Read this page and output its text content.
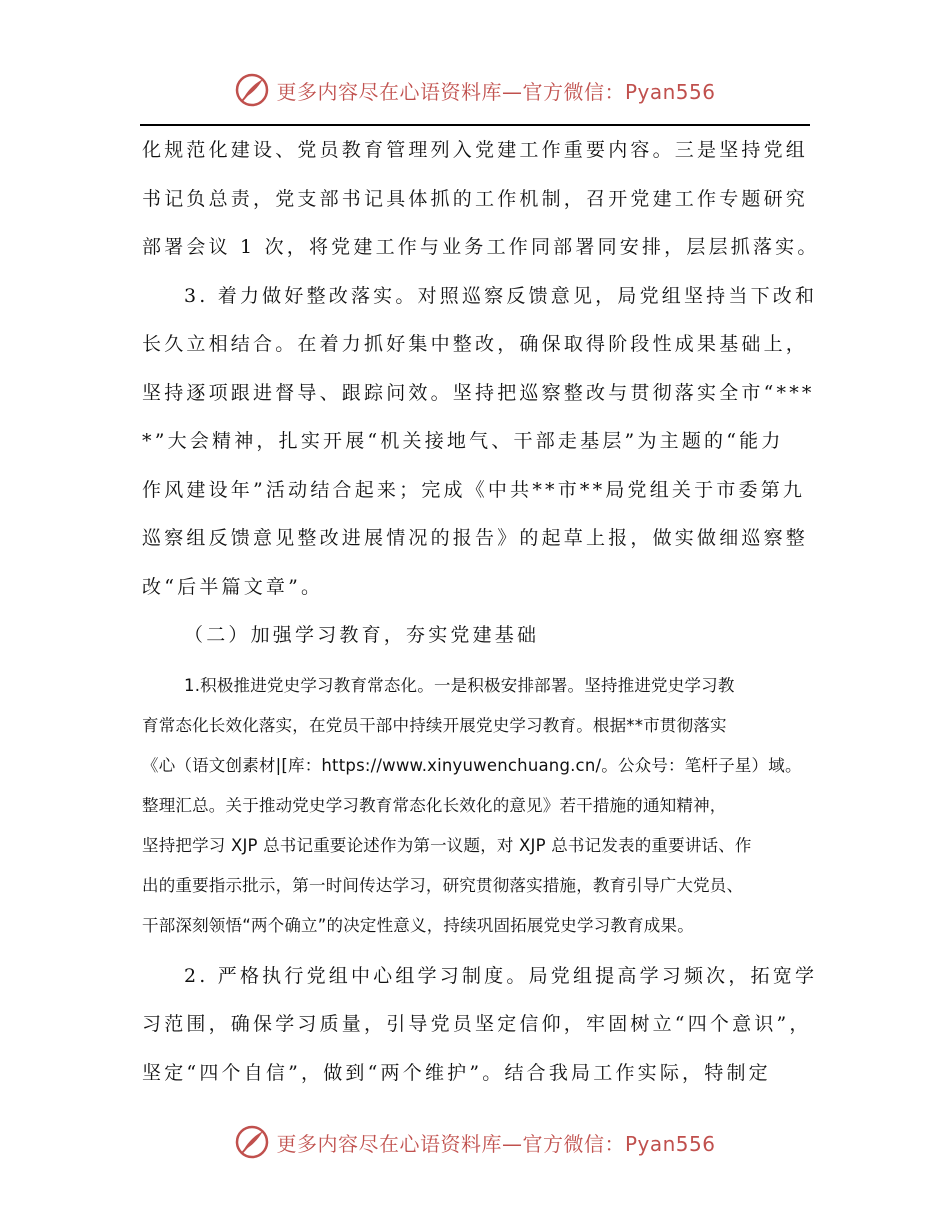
更多内容尽在心语资料库—官方微信：Pyan556
化规范化建设、党员教育管理列入党建工作重要内容。三是坚持党组
书记负总责，党支部书记具体抓的工作机制，召开党建工作专题研究
部署会议 1 次，将党建工作与业务工作同部署同安排，层层抓落实。
3. 着力做好整改落实。对照巡察反馈意见，局党组坚持当下改和
长久立相结合。在着力抓好集中整改，确保取得阶段性成果基础上，
坚持逐项跟进督导、跟踪问效。坚持把巡察整改与贯彻落实全市“***
*”大会精神，扎实开展“机关接地气、干部走基层”为主题的“能力
作风建设年”活动结合起来；完成《中共**市**局党组关于市委第九
巡察组反馈意见整改进展情况的报告》的起草上报，做实做细巡察整
改“后半篇文章”。
（二）加强学习教育，夯实党建基础
1.积极推进党史学习教育常态化。一是积极安排部署。坚持推进党史学习教
育常态化长效化落实，在党员干部中持续开展党史学习教育。根据**市贯彻落实
《心（语文创素材|[库：https://www.xinyuwenchuang.cn/。公众号：笔杆子星）域。
整理汇总。关于推动党史学习教育常态化长效化的意见》若干措施的通知精神，
坚持把学习 XJP 总书记重要论述作为第一议题，对 XJP 总书记发表的重要讲话、作
出的重要指示批示，第一时间传达学习，研究贯彻落实措施，教育引导广大党员、
干部深刻领悟“两个确立”的决定性意义，持续巩固拓展党史学习教育成果。
2. 严格执行党组中心组学习制度。局党组提高学习频次，拓宽学
习范围，确保学习质量，引导党员坚定信仰，牢固树立“四个意识”，
坚定“四个自信”，做到“两个维护”。结合我局工作实际，特制定
更多内容尽在心语资料库—官方微信：Pyan556
